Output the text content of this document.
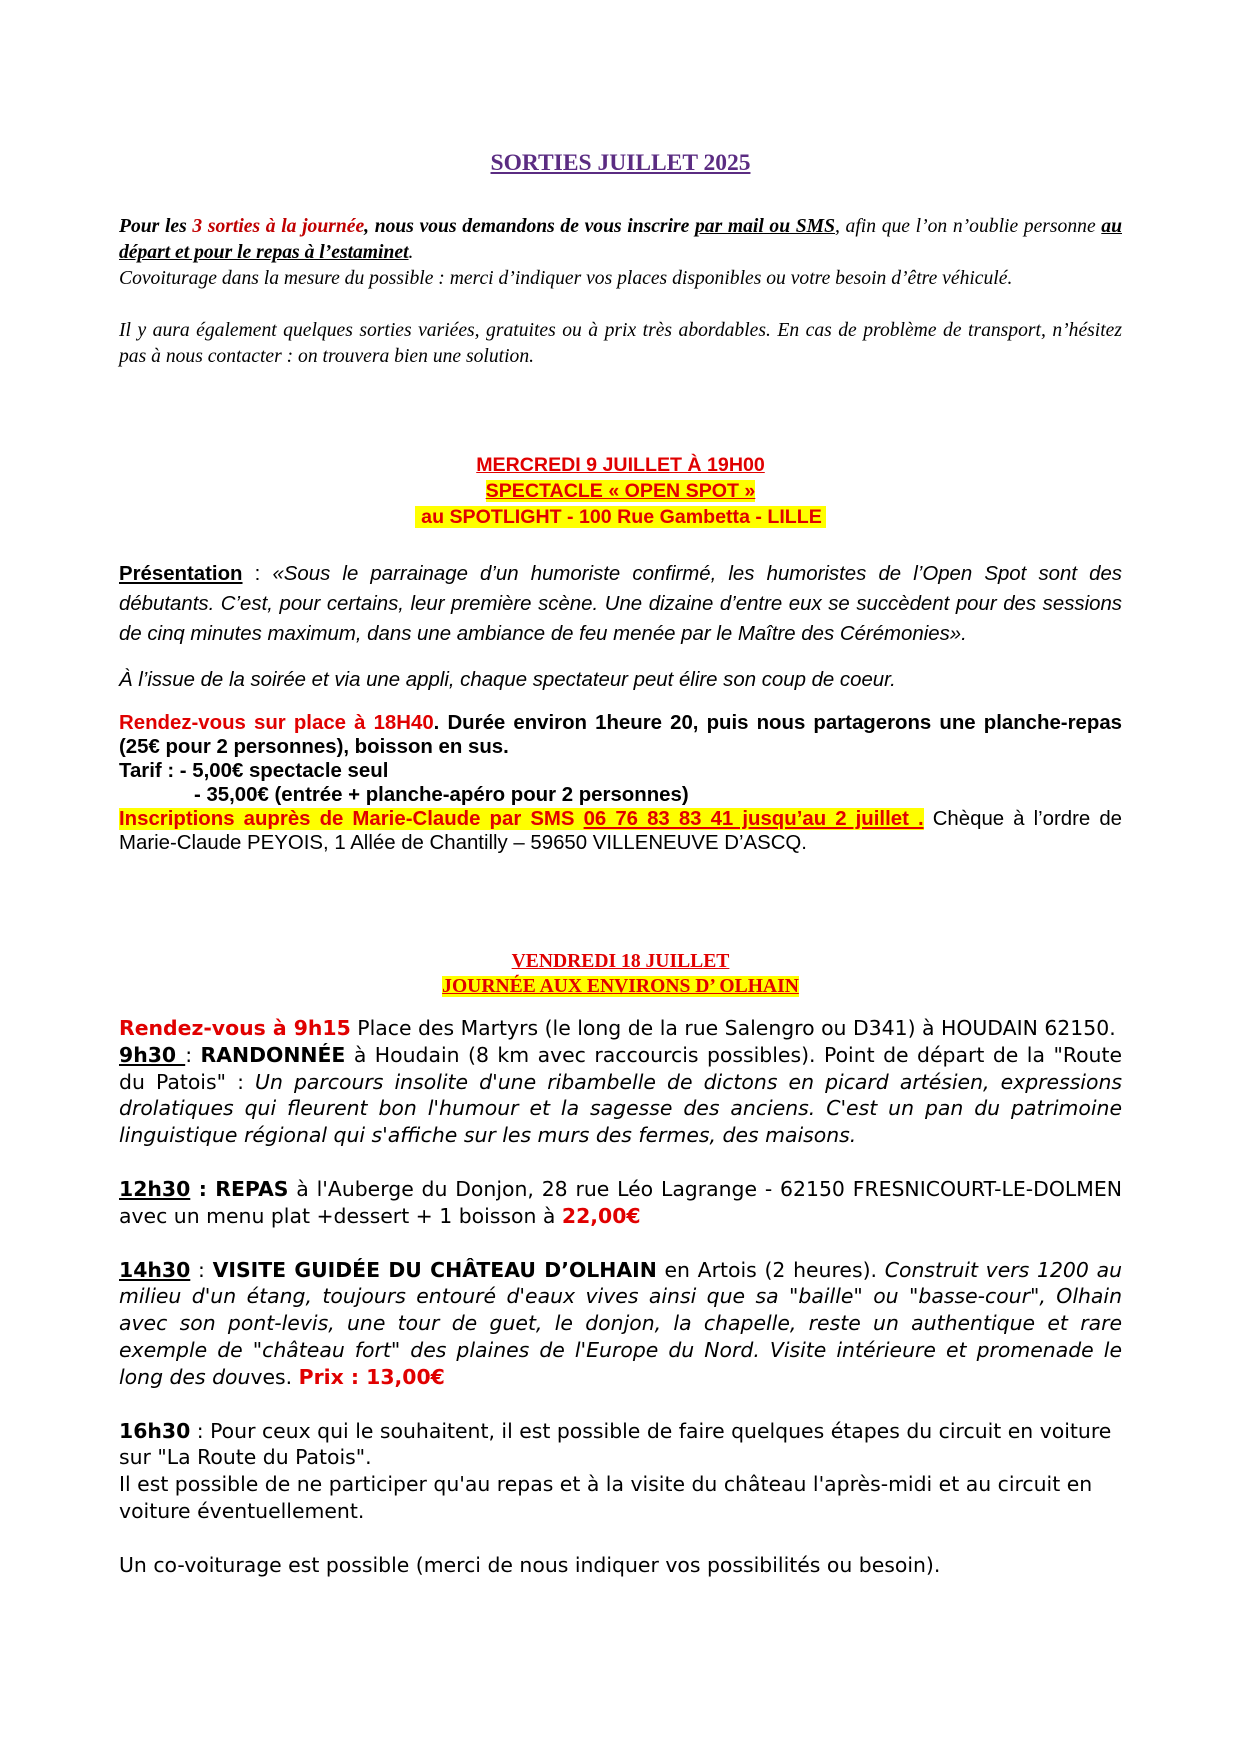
SORTIES JUILLET 2025

Pour les 3 sorties à la journée, nous vous demandons de vous inscrire par mail ou SMS, afin que l’on n’oublie personne au départ et pour le repas à l’estaminet.

Covoiturage dans la mesure du possible : merci d’indiquer vos places disponibles ou votre besoin d’être véhiculé.

Il y aura également quelques sorties variées, gratuites ou à prix très abordables. En cas de problème de transport, n’hésitez pas à nous contacter : on trouvera bien une solution.

MERCREDI 9 JUILLET À 19H00
SPECTACLE « OPEN SPOT »
au SPOTLIGHT - 100 Rue Gambetta - LILLE

Présentation : «Sous le parrainage d’un humoriste confirmé, les humoristes de l’Open Spot sont des débutants. C’est, pour certains, leur première scène. Une dizaine d’entre eux se succèdent pour des sessions de cinq minutes maximum, dans une ambiance de feu menée par le Maître des Cérémonies».

À l’issue de la soirée et via une appli, chaque spectateur peut élire son coup de coeur.

Rendez-vous sur place à 18H40. Durée environ 1heure 20, puis nous partagerons une planche-repas (25€ pour 2 personnes), boisson en sus.

Tarif : - 5,00€ spectacle seul

- 35,00€ (entrée + planche-apéro pour 2 personnes)

Inscriptions auprès de Marie-Claude par SMS 06 76 83 83 41 jusqu’au 2 juillet . Chèque à l’ordre de Marie-Claude PEYOIS, 1 Allée de Chantilly – 59650 VILLENEUVE D’ASCQ.

VENDREDI 18 JUILLET
JOURNÉE AUX ENVIRONS D’ OLHAIN

Rendez-vous à 9h15 Place des Martyrs (le long de la rue Salengro ou D341) à HOUDAIN 62150.

9h30 : RANDONNÉE à Houdain (8 km avec raccourcis possibles). Point de départ de la "Route du Patois" : Un parcours insolite d'une ribambelle de dictons en picard artésien, expressions drolatiques qui fleurent bon l'humour et la sagesse des anciens. C'est un pan du patrimoine linguistique régional qui s'affiche sur les murs des fermes, des maisons.

12h30 : REPAS à l'Auberge du Donjon, 28 rue Léo Lagrange - 62150 FRESNICOURT-LE-DOLMEN avec un menu plat +dessert + 1 boisson à 22,00€

14h30 : VISITE GUIDÉE DU CHÂTEAU D’OLHAIN en Artois (2 heures). Construit vers 1200 au milieu d'un étang, toujours entouré d'eaux vives ainsi que sa "baille" ou "basse-cour", Olhain avec son pont-levis, une tour de guet, le donjon, la chapelle, reste un authentique et rare exemple de "château fort" des plaines de l'Europe du Nord. Visite intérieure et promenade le long des douves. Prix : 13,00€

16h30 : Pour ceux qui le souhaitent, il est possible de faire quelques étapes du circuit en voiture sur "La Route du Patois".

Il est possible de ne participer qu'au repas et à la visite du château l'après-midi et au circuit en voiture éventuellement.

Un co-voiturage est possible (merci de nous indiquer vos possibilités ou besoin).
